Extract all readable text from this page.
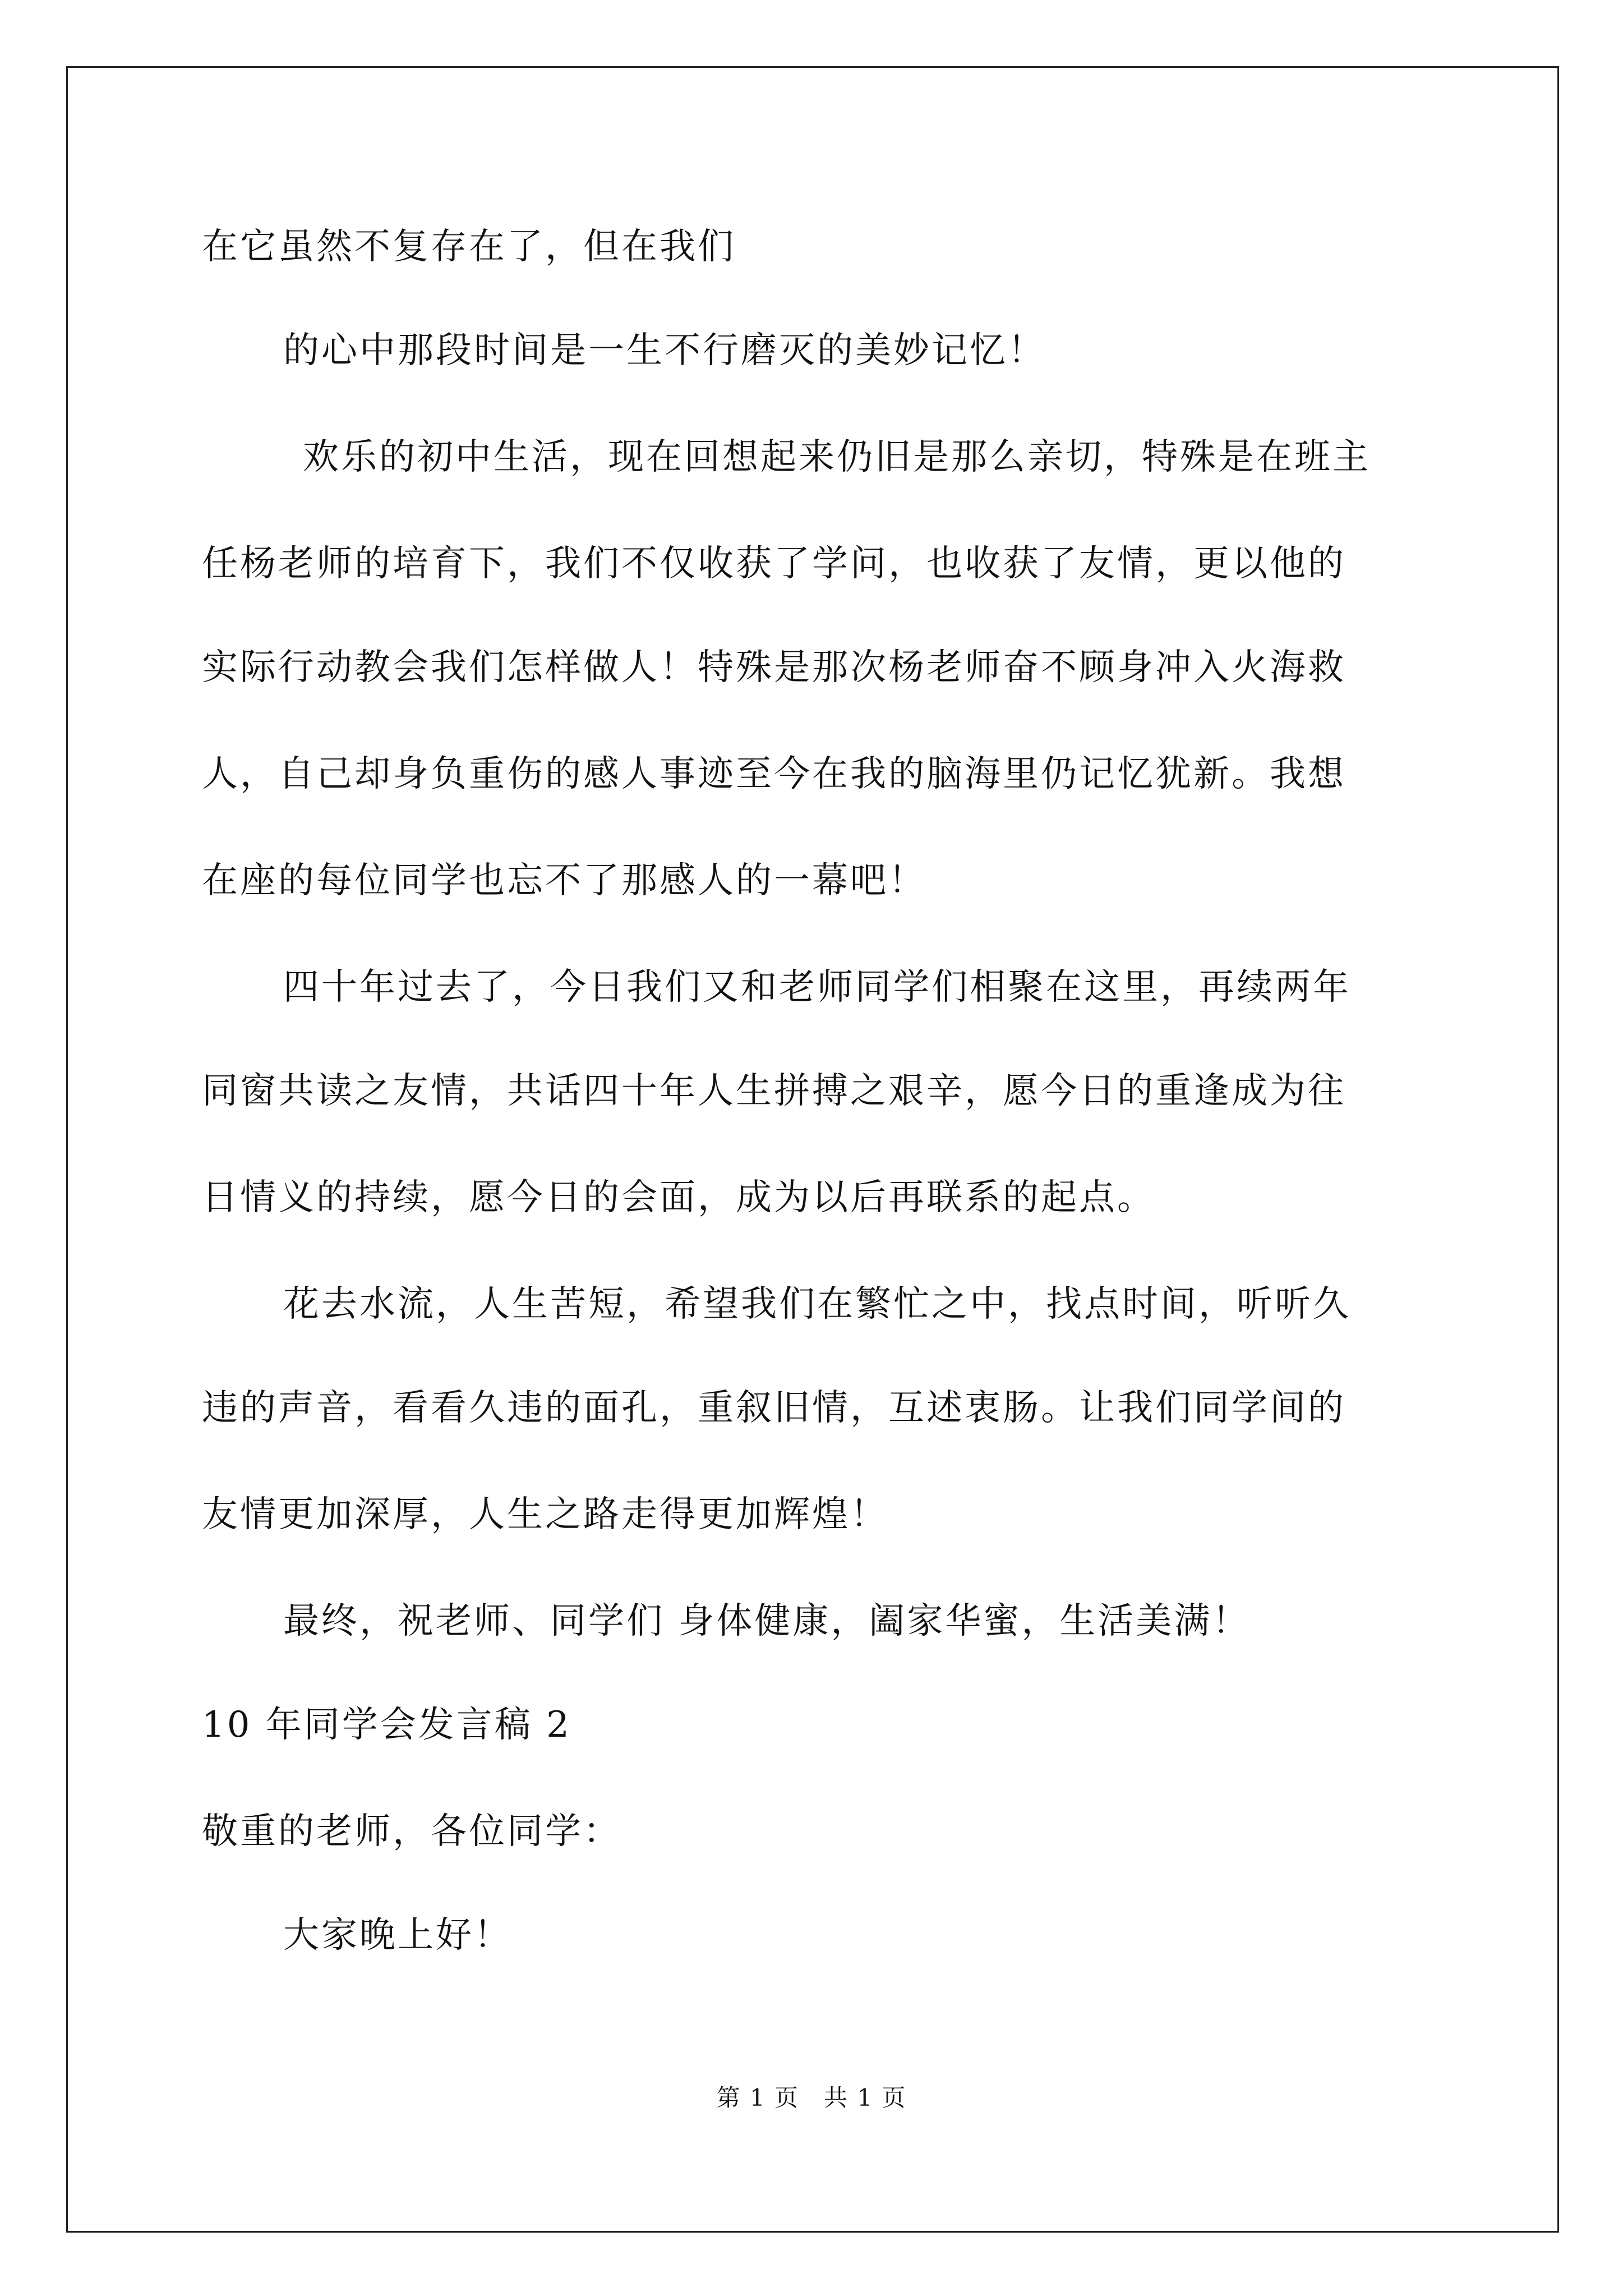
在它虽然不复存在了，但在我们
的心中那段时间是一生不行磨灭的美妙记忆！
欢乐的初中生活，现在回想起来仍旧是那么亲切，特殊是在班主
任杨老师的培育下，我们不仅收获了学问，也收获了友情，更以他的
实际行动教会我们怎样做人！特殊是那次杨老师奋不顾身冲入火海救
人，自己却身负重伤的感人事迹至今在我的脑海里仍记忆犹新。我想
在座的每位同学也忘不了那感人的一幕吧！
四十年过去了，今日我们又和老师同学们相聚在这里，再续两年
同窗共读之友情，共话四十年人生拼搏之艰辛，愿今日的重逢成为往
日情义的持续，愿今日的会面，成为以后再联系的起点。
花去水流，人生苦短，希望我们在繁忙之中，找点时间，听听久
违的声音，看看久违的面孔，重叙旧情，互述衷肠。让我们同学间的
友情更加深厚，人生之路走得更加辉煌！
最终，祝老师、同学们 身体健康，阖家华蜜，生活美满！
10 年同学会发言稿 2
敬重的老师，各位同学：
大家晚上好！
第 1 页　共 1 页
